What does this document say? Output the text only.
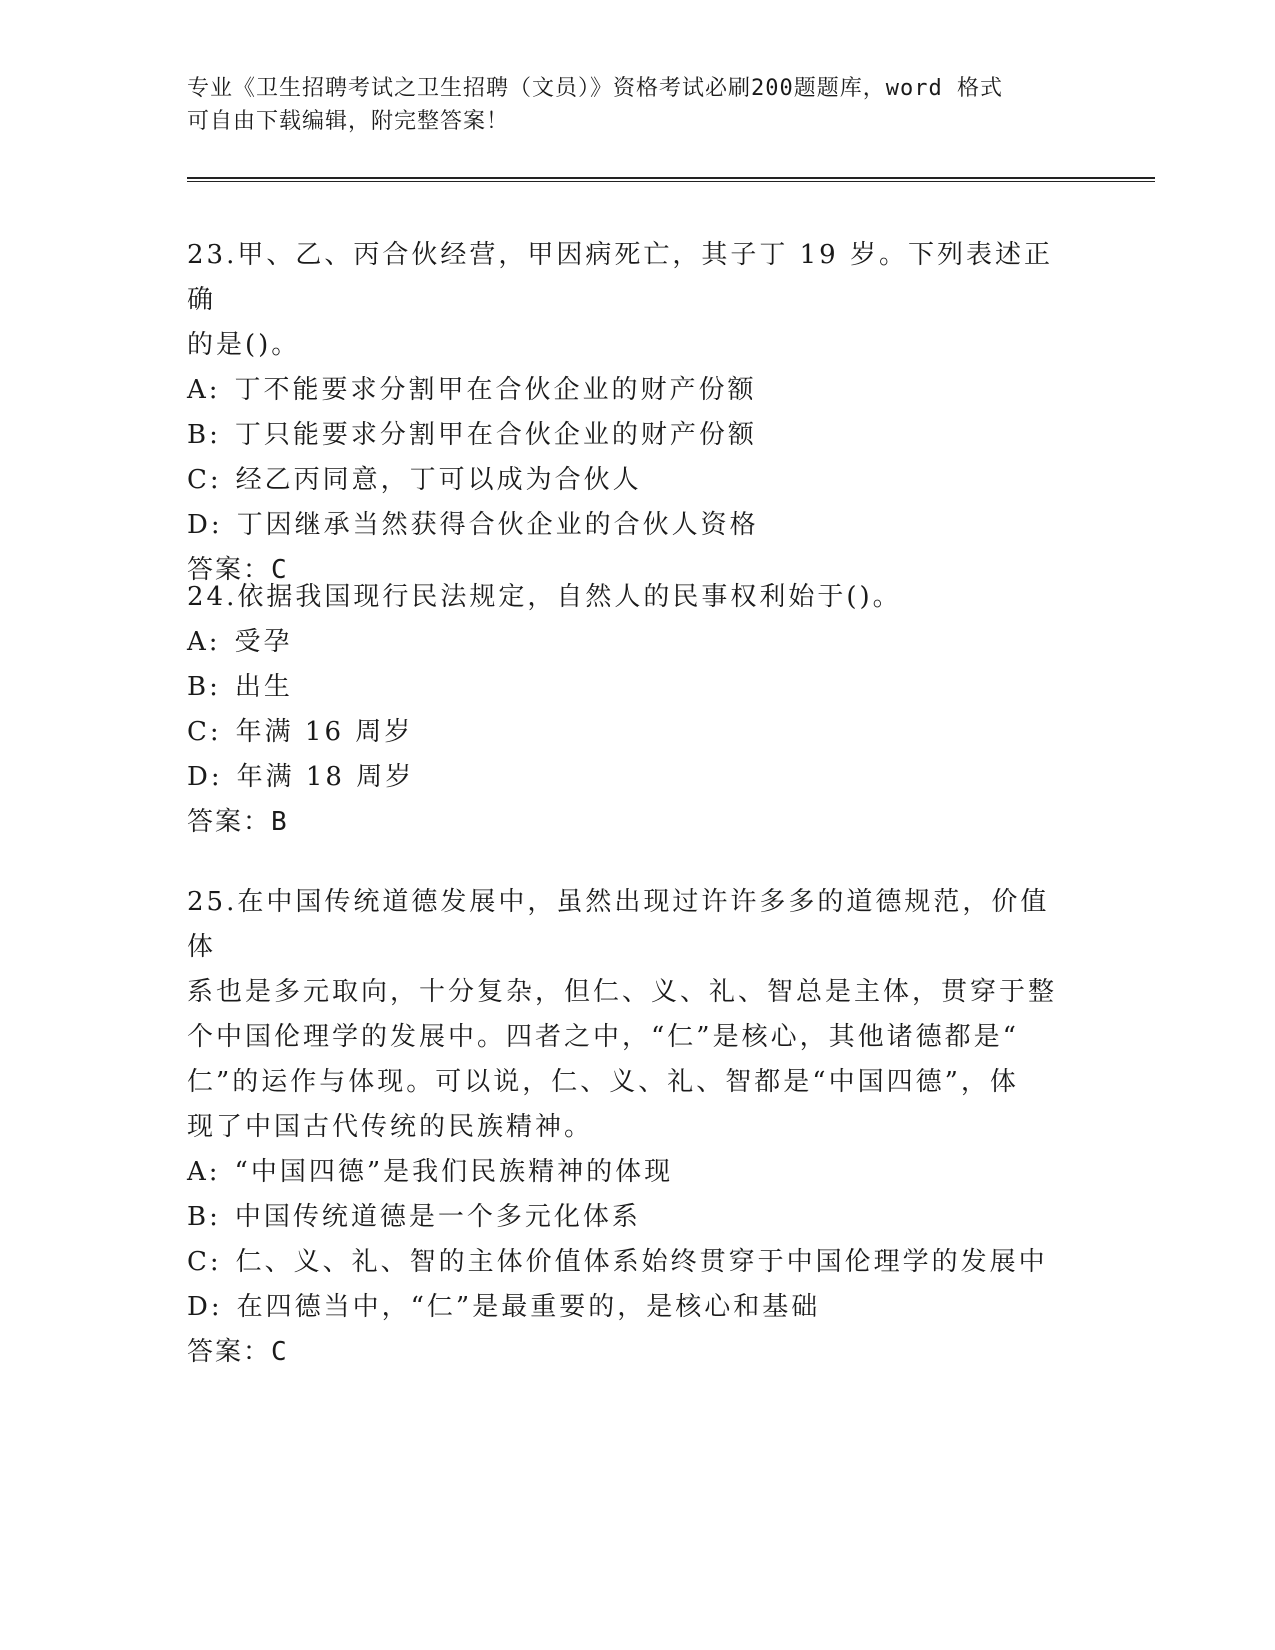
专业《卫生招聘考试之卫生招聘（文员）》资格考试必刷200题题库，word 格式
可自由下载编辑，附完整答案！

23.甲、乙、丙合伙经营，甲因病死亡，其子丁 19 岁。下列表述正确

的是()。

A: 丁不能要求分割甲在合伙企业的财产份额

B: 丁只能要求分割甲在合伙企业的财产份额

C: 经乙丙同意，丁可以成为合伙人

D: 丁因继承当然获得合伙企业的合伙人资格

答案：C

24.依据我国现行民法规定，自然人的民事权利始于()。

A: 受孕

B: 出生

C: 年满 16 周岁

D: 年满 18 周岁

答案：B

25.在中国传统道德发展中，虽然出现过许许多多的道德规范，价值体

系也是多元取向，十分复杂，但仁、义、礼、智总是主体，贯穿于整

个中国伦理学的发展中。四者之中，“仁”是核心，其他诸德都是“

仁”的运作与体现。可以说，仁、义、礼、智都是“中国四德”，体

现了中国古代传统的民族精神。

A: “中国四德”是我们民族精神的体现

B: 中国传统道德是一个多元化体系

C: 仁、义、礼、智的主体价值体系始终贯穿于中国伦理学的发展中

D: 在四德当中，“仁”是最重要的，是核心和基础

答案：C
